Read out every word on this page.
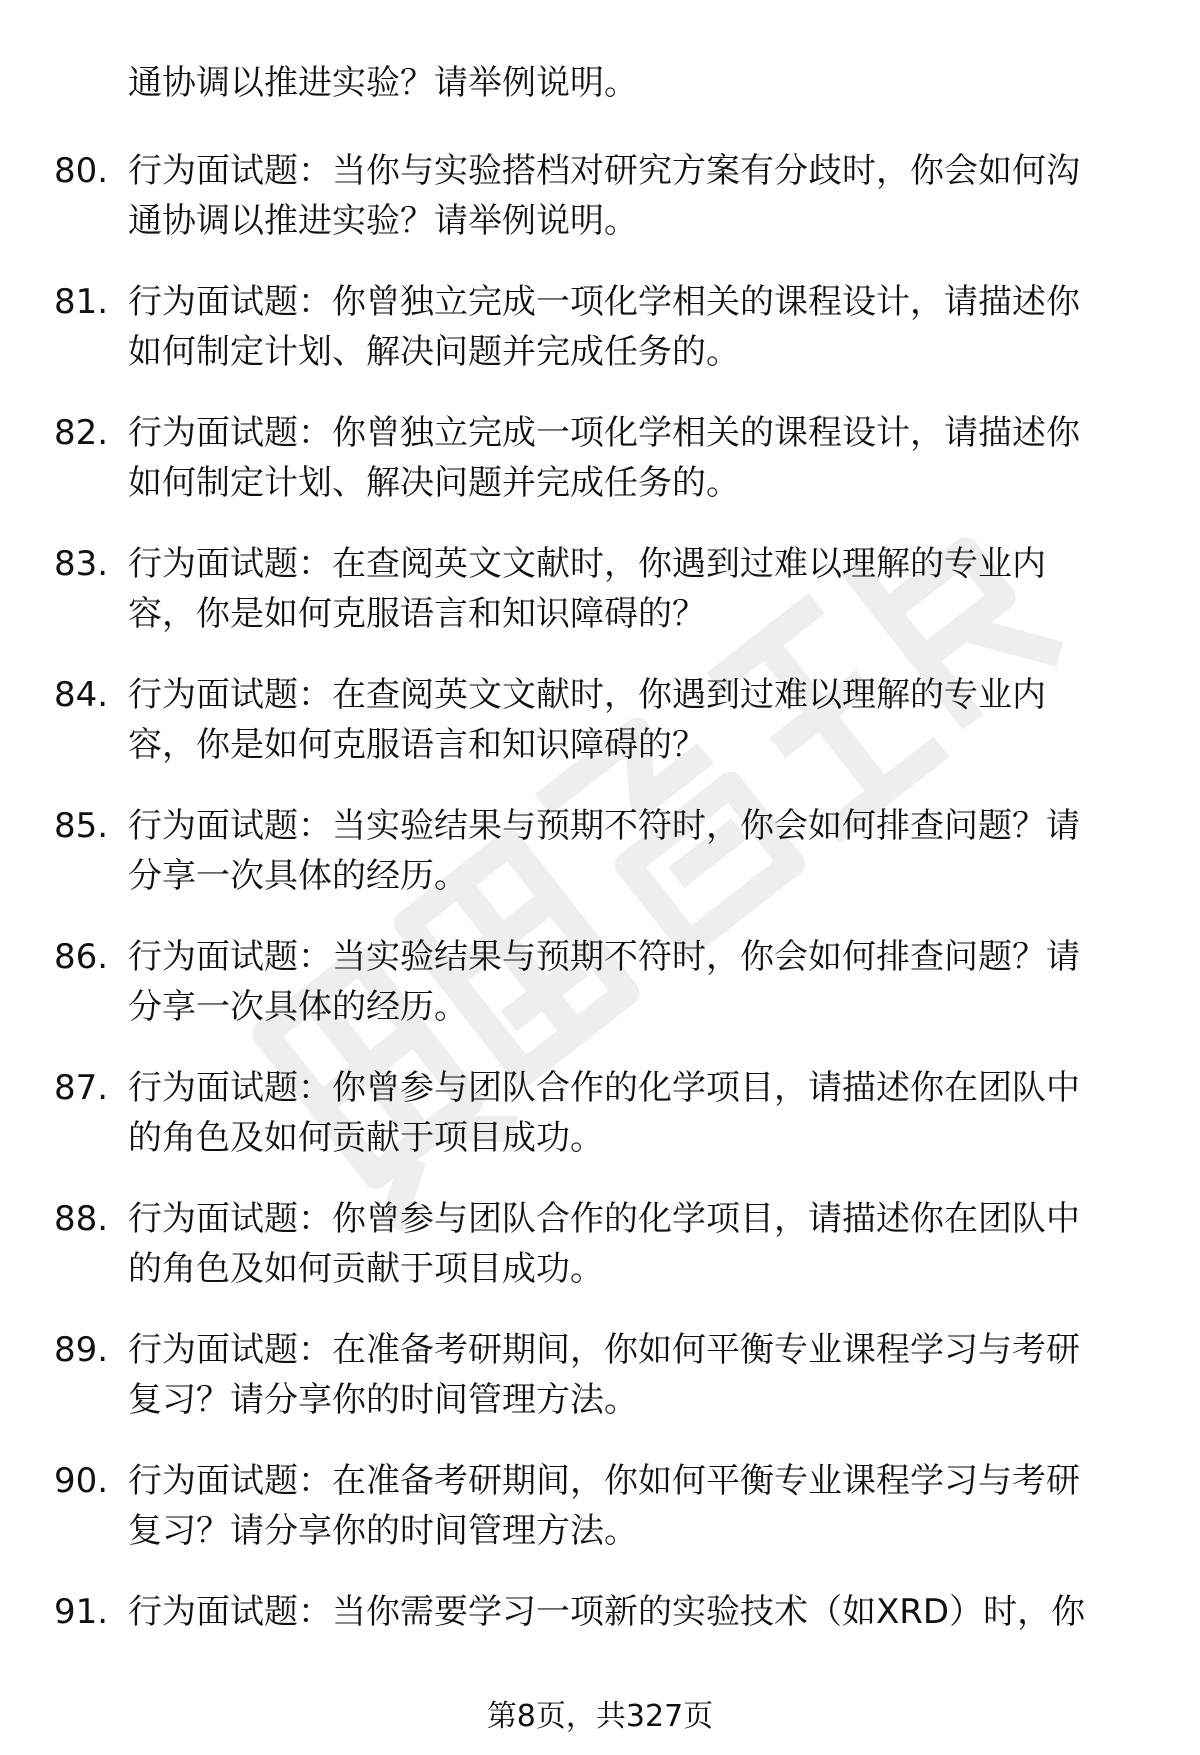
通协调以推进实验？请举例说明。
80. 行为面试题：当你与实验搭档对研究方案有分歧时，你会如何沟
通协调以推进实验？请举例说明。
81. 行为面试题：你曾独立完成一项化学相关的课程设计，请描述你
如何制定计划、解决问题并完成任务的。
82. 行为面试题：你曾独立完成一项化学相关的课程设计，请描述你
如何制定计划、解决问题并完成任务的。
83. 行为面试题：在查阅英文文献时，你遇到过难以理解的专业内
容，你是如何克服语言和知识障碍的？
84. 行为面试题：在查阅英文文献时，你遇到过难以理解的专业内
容，你是如何克服语言和知识障碍的？
85. 行为面试题：当实验结果与预期不符时，你会如何排查问题？请
分享一次具体的经历。
86. 行为面试题：当实验结果与预期不符时，你会如何排查问题？请
分享一次具体的经历。
87. 行为面试题：你曾参与团队合作的化学项目，请描述你在团队中
的角色及如何贡献于项目成功。
88. 行为面试题：你曾参与团队合作的化学项目，请描述你在团队中
的角色及如何贡献于项目成功。
89. 行为面试题：在准备考研期间，你如何平衡专业课程学习与考研
复习？请分享你的时间管理方法。
90. 行为面试题：在准备考研期间，你如何平衡专业课程学习与考研
复习？请分享你的时间管理方法。
91. 行为面试题：当你需要学习一项新的实验技术（如XRD）时，你
第8页，共327页
